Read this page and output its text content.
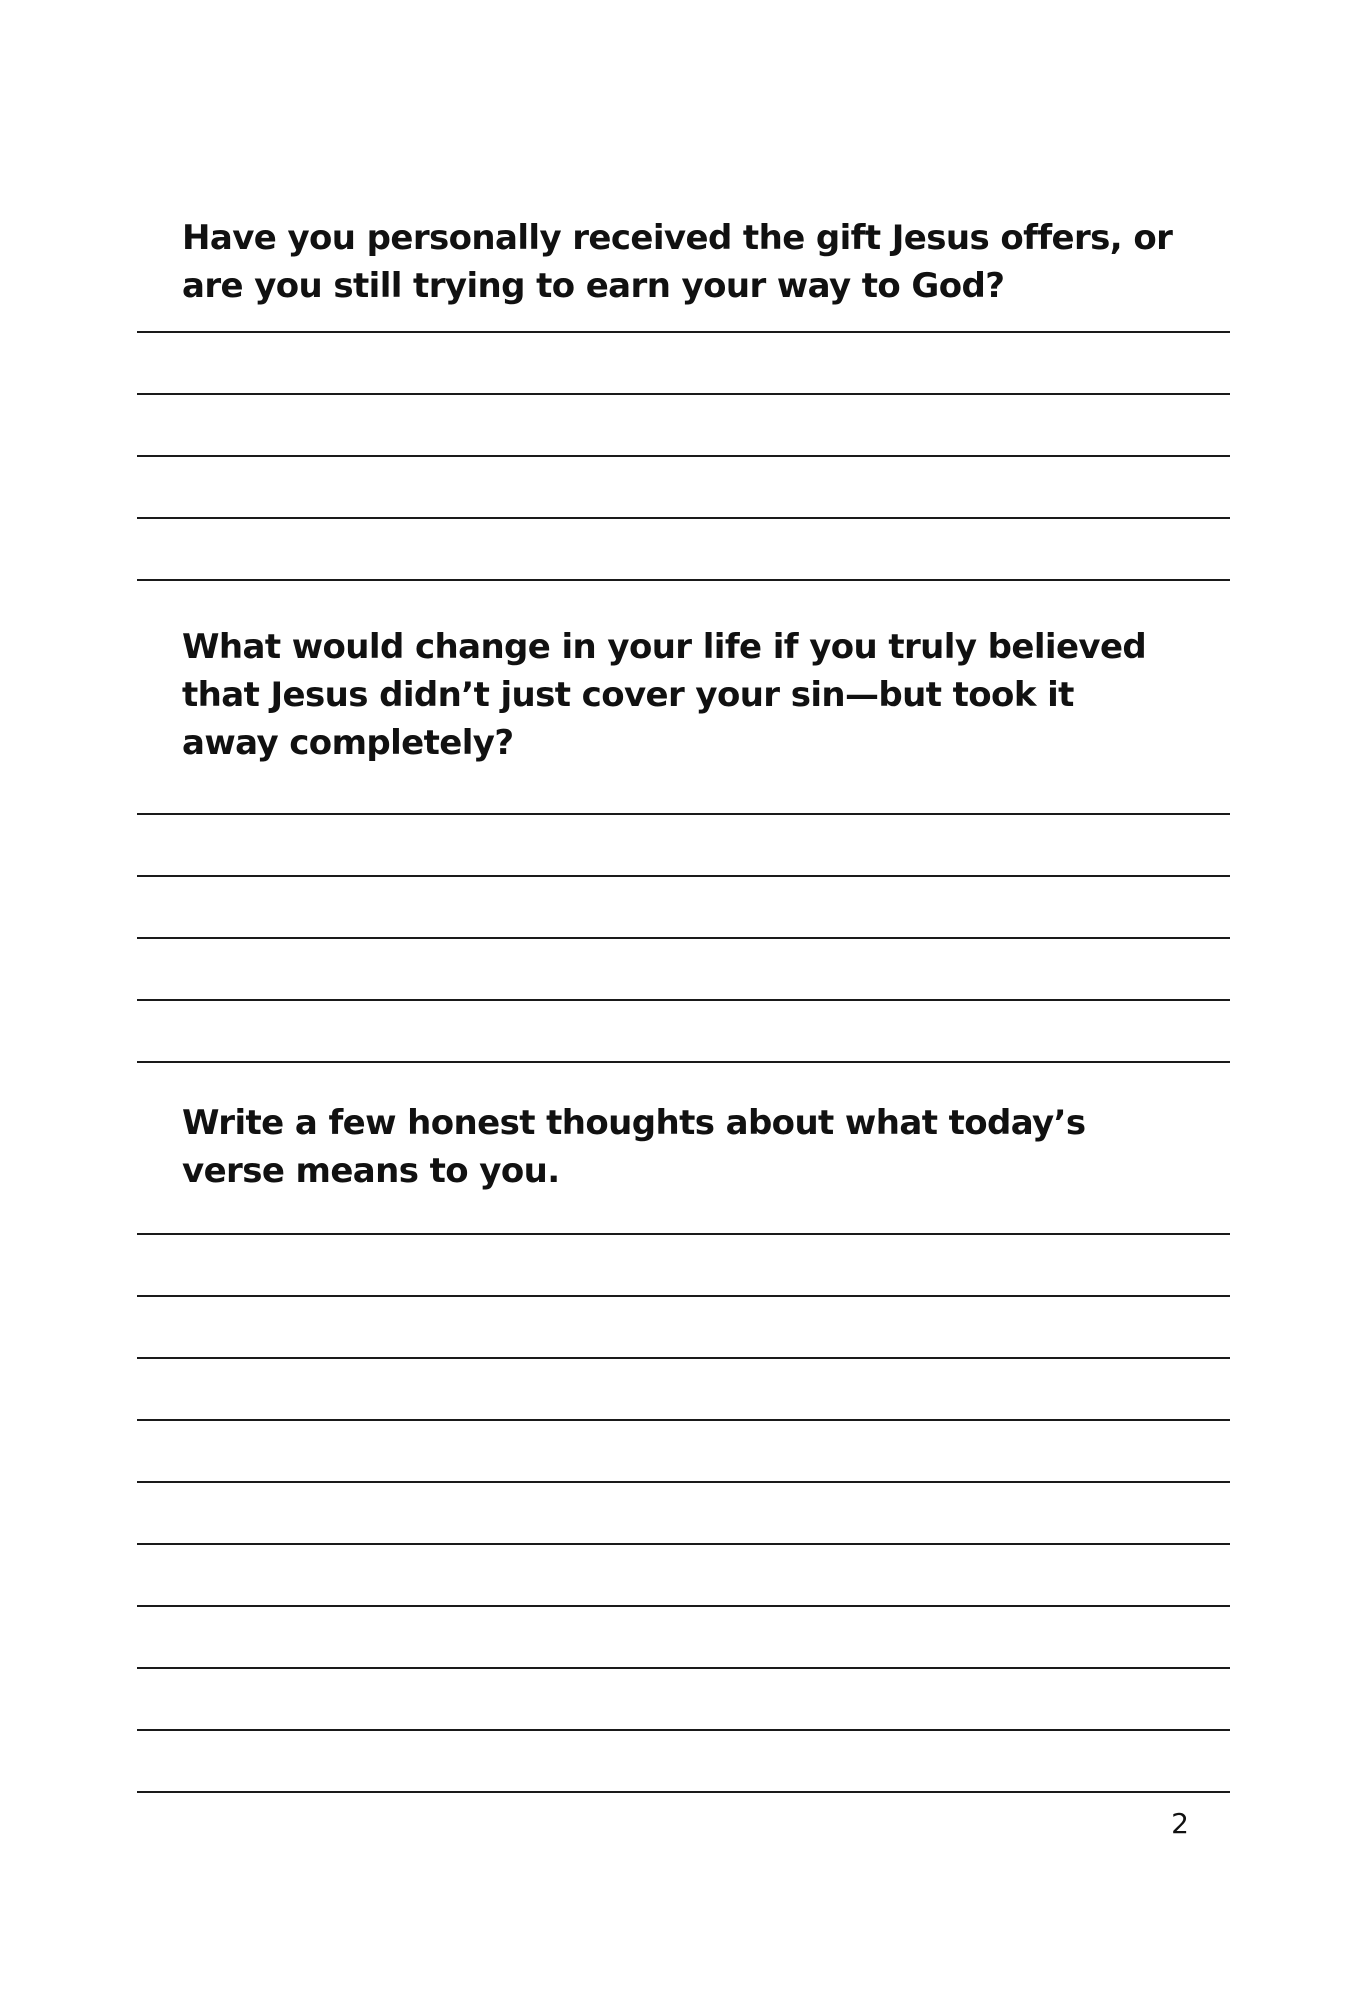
Have you personally received the gift Jesus offers, or
are you still trying to earn your way to God?

What would change in your life if you truly believed
that Jesus didn’t just cover your sin—but took it
away completely?

Write a few honest thoughts about what today’s
verse means to you.

2
